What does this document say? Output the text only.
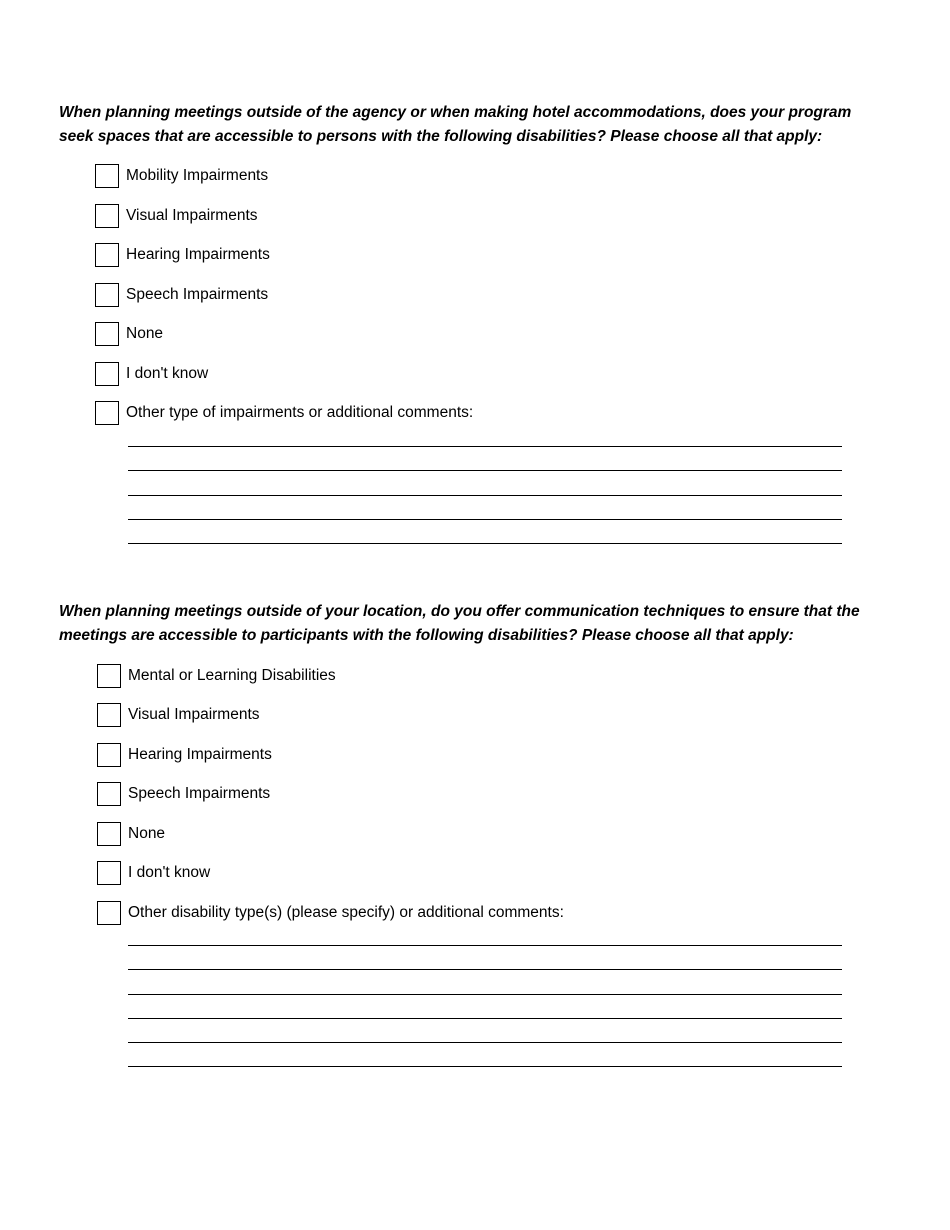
When planning meetings outside of the agency or when making hotel accommodations, does your program seek spaces that are accessible to persons with the following disabilities? Please choose all that apply:
Mobility Impairments
Visual Impairments
Hearing Impairments
Speech Impairments
None
I don't know
Other type of impairments or additional comments:
When planning meetings outside of your location, do you offer communication techniques to ensure that the meetings are accessible to participants with the following disabilities? Please choose all that apply:
Mental or Learning Disabilities
Visual Impairments
Hearing Impairments
Speech Impairments
None
I don't know
Other disability type(s) (please specify) or additional comments:
